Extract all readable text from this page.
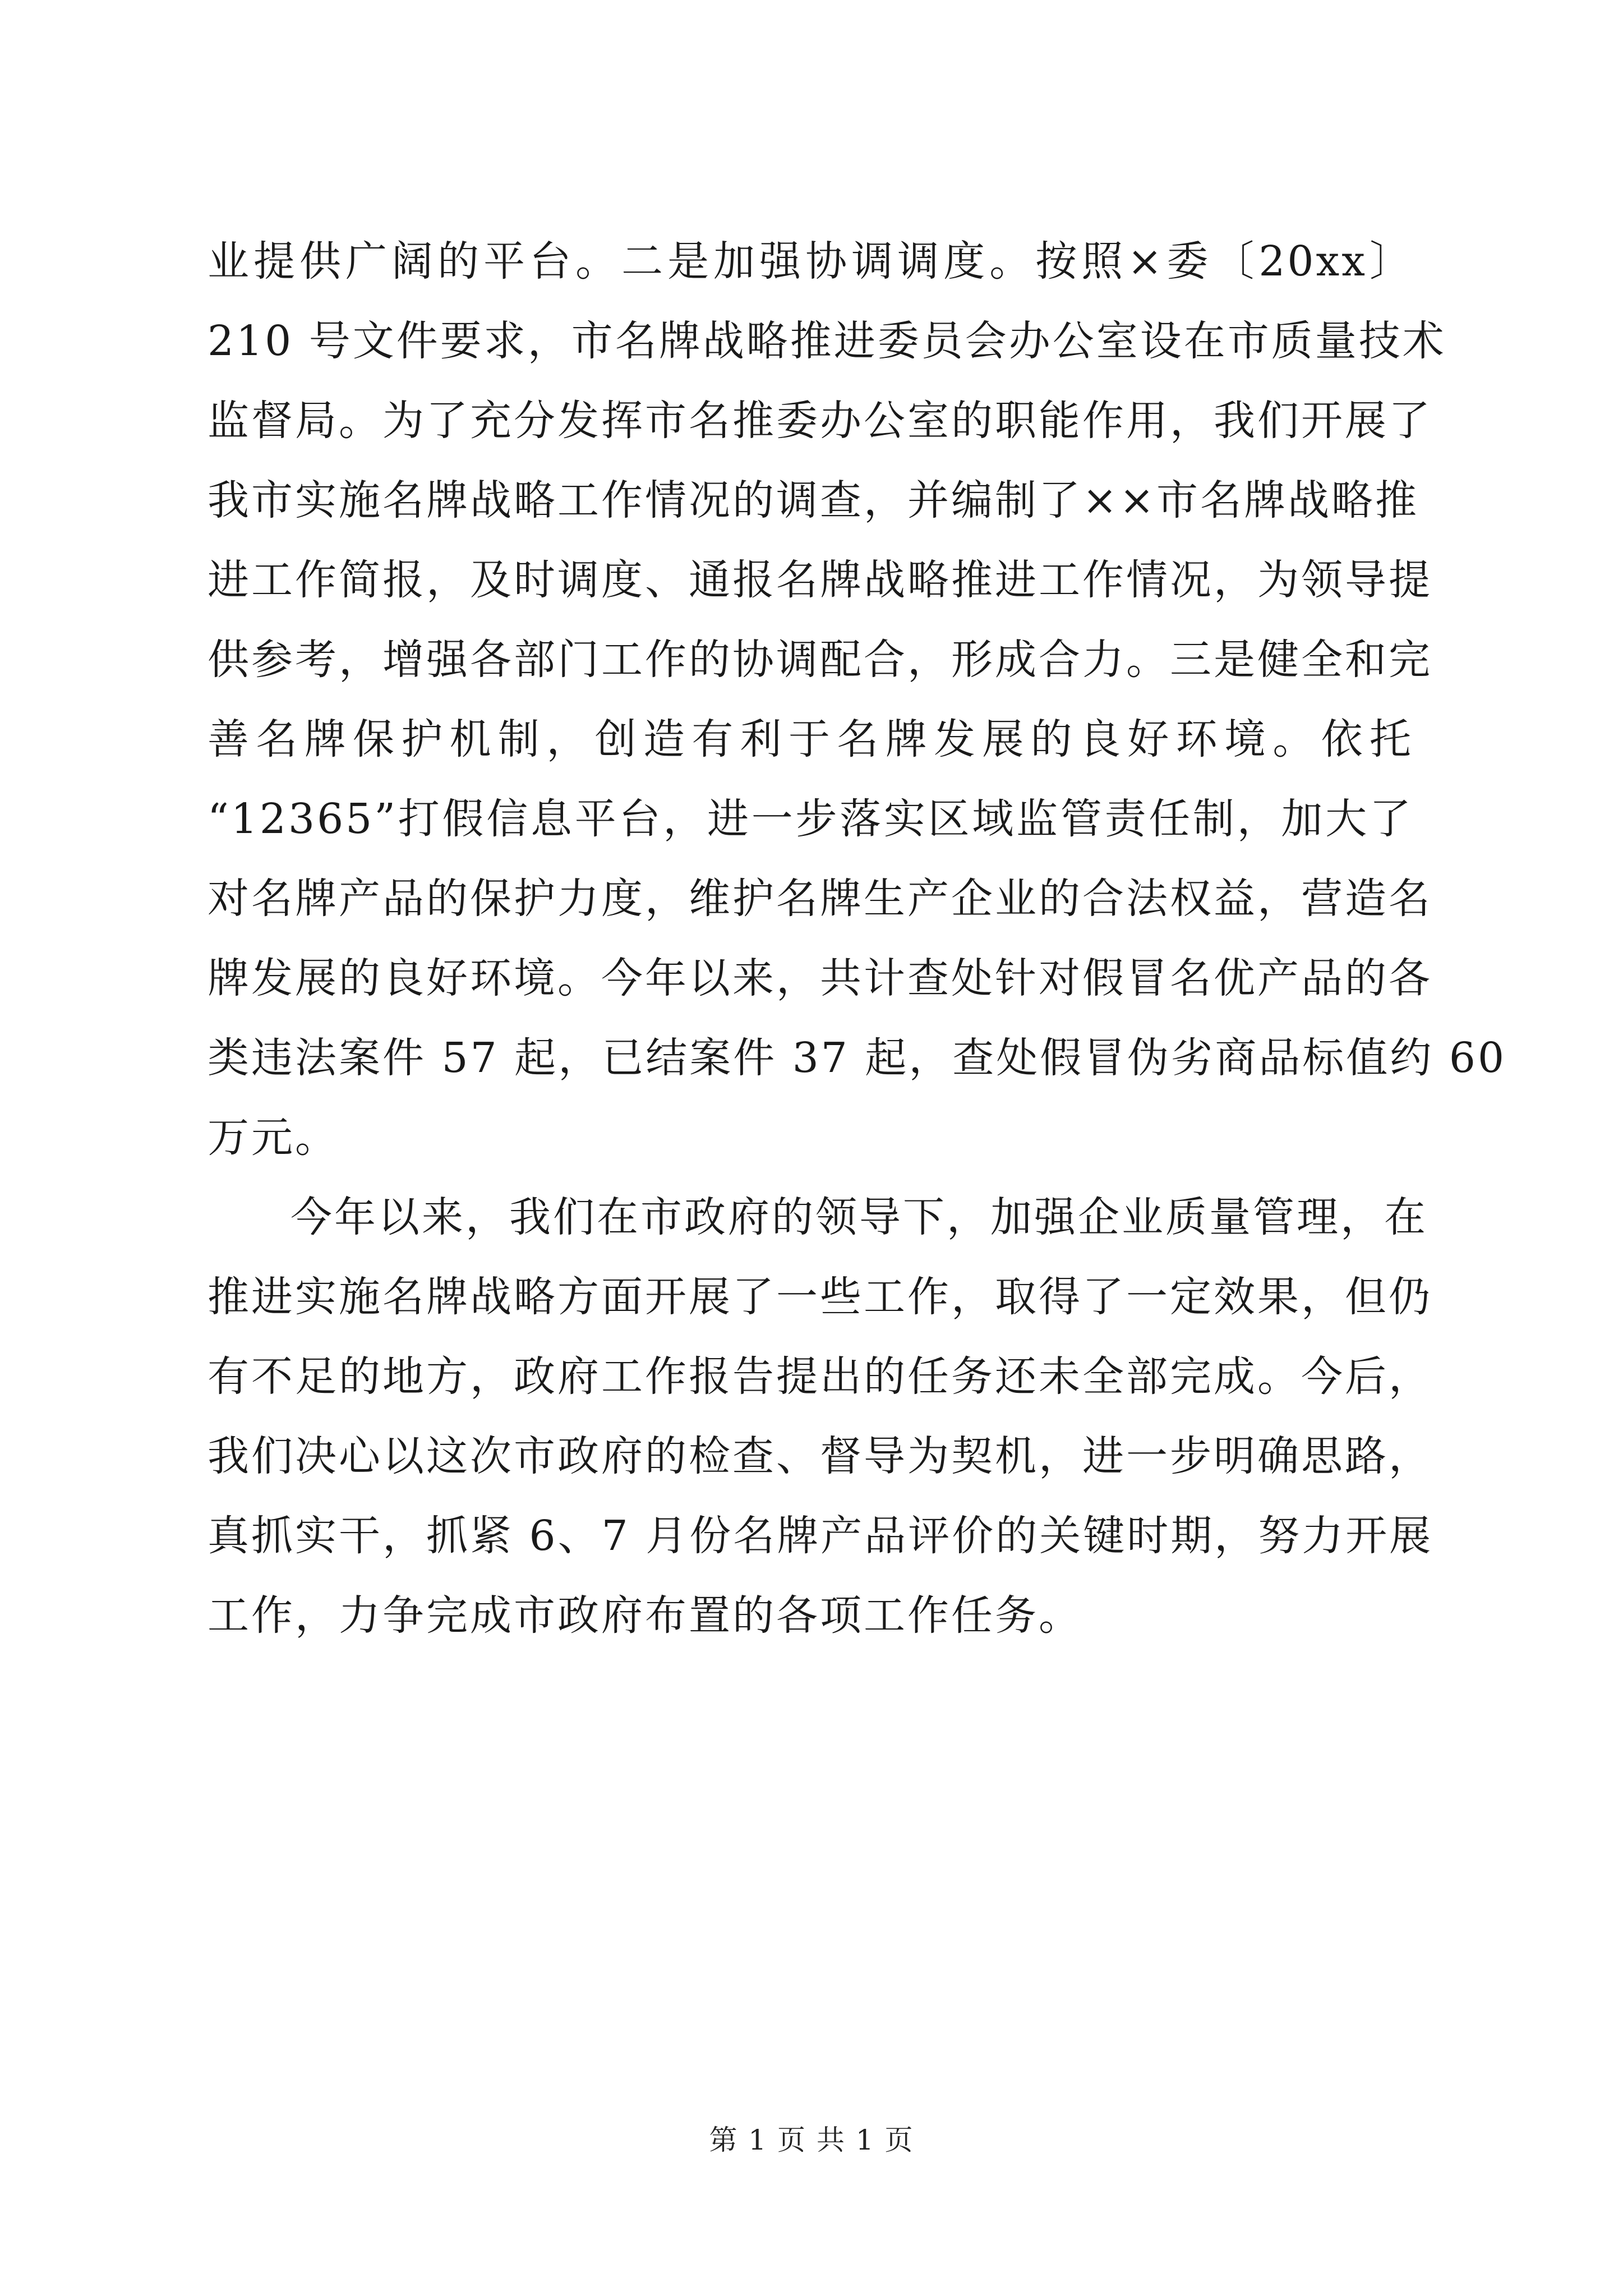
业提供广阔的平台。二是加强协调调度。按照×委〔20xx〕
210 号文件要求，市名牌战略推进委员会办公室设在市质量技术
监督局。为了充分发挥市名推委办公室的职能作用，我们开展了
我市实施名牌战略工作情况的调查，并编制了××市名牌战略推
进工作简报，及时调度、通报名牌战略推进工作情况，为领导提
供参考，增强各部门工作的协调配合，形成合力。三是健全和完
善名牌保护机制，创造有利于名牌发展的良好环境。依托
“12365”打假信息平台，进一步落实区域监管责任制，加大了
对名牌产品的保护力度，维护名牌生产企业的合法权益，营造名
牌发展的良好环境。今年以来，共计查处针对假冒名优产品的各
类违法案件 57 起，已结案件 37 起，查处假冒伪劣商品标值约 60
万元。
今年以来，我们在市政府的领导下，加强企业质量管理，在
推进实施名牌战略方面开展了一些工作，取得了一定效果，但仍
有不足的地方，政府工作报告提出的任务还未全部完成。今后，
我们决心以这次市政府的检查、督导为契机，进一步明确思路，
真抓实干，抓紧 6、7 月份名牌产品评价的关键时期，努力开展
工作，力争完成市政府布置的各项工作任务。
第 1 页 共 1 页
